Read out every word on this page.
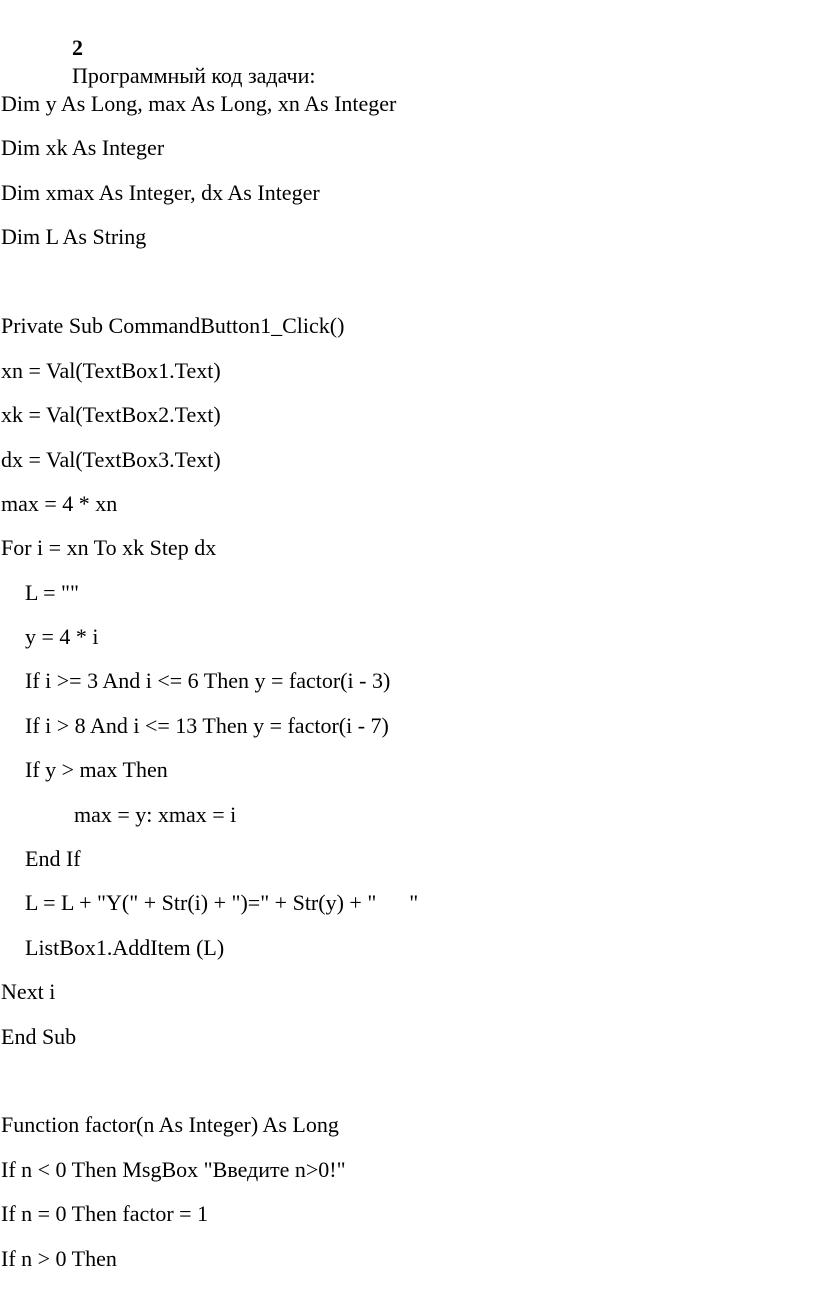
2
Программный код задачи:

Dim y As Long, max As Long, xn As Integer
Dim xk As Integer
Dim xmax As Integer, dx As Integer
Dim L As String
Private Sub CommandButton1_Click()
xn = Val(TextBox1.Text)
xk = Val(TextBox2.Text)
dx = Val(TextBox3.Text)
max = 4 * xn
For i = xn To xk Step dx
L = ""
y = 4 * i
If i >= 3 And i <= 6 Then y = factor(i - 3)
If i > 8 And i <= 13 Then y = factor(i - 7)
If y > max Then
max = y: xmax = i
End If
L = L + "Y(" + Str(i) + ")=" + Str(y) + "      "
ListBox1.AddItem (L)
Next i
End Sub
Function factor(n As Integer) As Long
If n < 0 Then MsgBox "Введите n>0!"
If n = 0 Then factor = 1
If n > 0 Then
